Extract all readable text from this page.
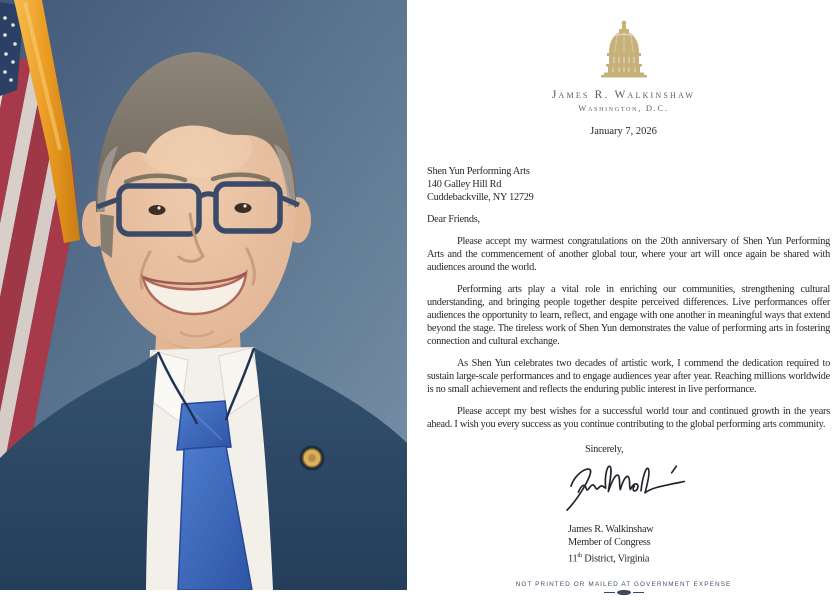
James R. Walkinshaw
Washington, D.C.
January 7, 2026
Shen Yun Performing Arts
140 Galley Hill Rd
Cuddebackville, NY 12729
Dear Friends,

Please accept my warmest congratulations on the 20th anniversary of Shen Yun Performing Arts and the commencement of another global tour, where your art will once again be shared with audiences around the world.

Performing arts play a vital role in enriching our communities, strengthening cultural understanding, and bringing people together despite perceived differences. Live performances offer audiences the opportunity to learn, reflect, and engage with one another in meaningful ways that extend beyond the stage. The tireless work of Shen Yun demonstrates the value of performing arts in fostering connection and cultural exchange.

As Shen Yun celebrates two decades of artistic work, I commend the dedication required to sustain large-scale performances and to engage audiences year after year. Reaching millions worldwide is no small achievement and reflects the enduring public interest in live performance.

Please accept my best wishes for a successful world tour and continued growth in the years ahead. I wish you every success as you continue contributing to the global performing arts community.

Sincerely,
James R. Walkinshaw
Member of Congress
11th District, Virginia
NOT PRINTED OR MAILED AT GOVERNMENT EXPENSE
